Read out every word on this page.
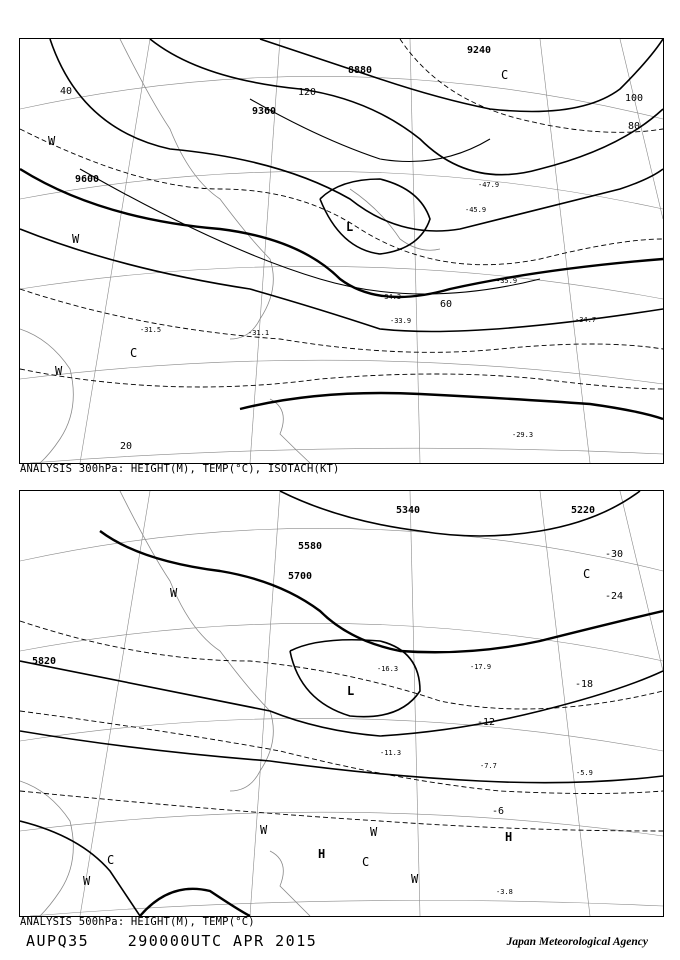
9360
9600
8880
9240
40
80
120
60
20
100
-29.3
-31.5	-31.1
-34.3
-35.9
-34.7
-33.9
-45.9
-47.9
C
C
L
W
W
W
ANALYSIS 300hPa: HEIGHT(M), TEMP(°C), ISOTACH(KT)
5700
5820
5340	5220
5580
-18
-24
-30
-12
-6
-7.7
-5.9
-3.8
-11.3
-16.3	-17.9
L
H
H
C	C
C
W
W	W
W
W
ANALYSIS 500hPa: HEIGHT(M), TEMP(°C)
AUPQ35	290000UTC APR 2015	Japan Meteorological Agency
